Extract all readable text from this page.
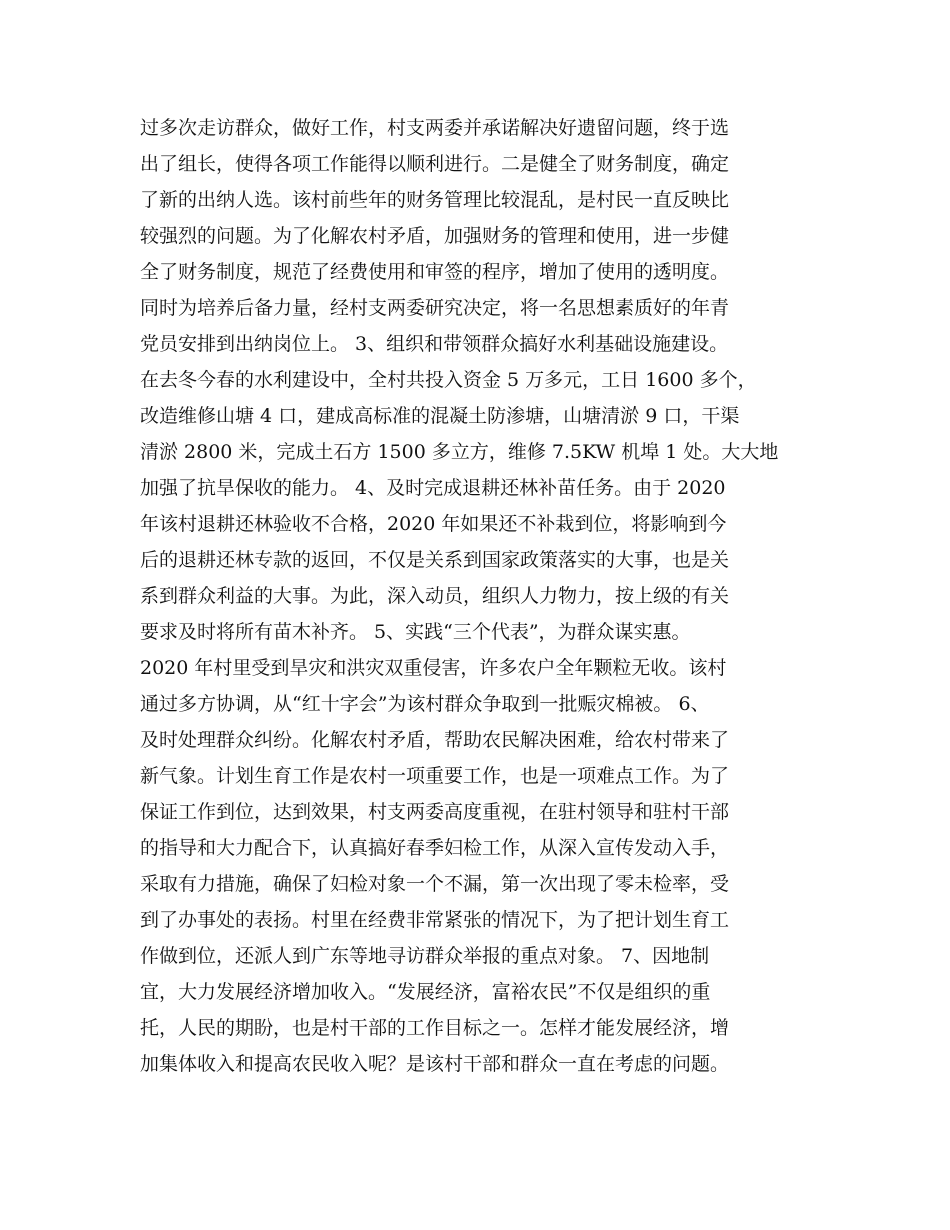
过多次走访群众，做好工作，村支两委并承诺解决好遗留问题，终于选
出了组长，使得各项工作能得以顺利进行。二是健全了财务制度，确定
了新的出纳人选。该村前些年的财务管理比较混乱，是村民一直反映比
较强烈的问题。为了化解农村矛盾，加强财务的管理和使用，进一步健
全了财务制度，规范了经费使用和审签的程序，增加了使用的透明度。
同时为培养后备力量，经村支两委研究决定，将一名思想素质好的年青
党员安排到出纳岗位上。 3、组织和带领群众搞好水利基础设施建设。
在去冬今春的水利建设中，全村共投入资金 5 万多元，工日 1600 多个，
改造维修山塘 4 口，建成高标准的混凝土防渗塘，山塘清淤 9 口，干渠
清淤 2800 米，完成土石方 1500 多立方，维修 7.5KW 机埠 1 处。大大地
加强了抗旱保收的能力。 4、及时完成退耕还林补苗任务。由于 2020
年该村退耕还林验收不合格，2020 年如果还不补栽到位，将影响到今
后的退耕还林专款的返回，不仅是关系到国家政策落实的大事，也是关
系到群众利益的大事。为此，深入动员，组织人力物力，按上级的有关
要求及时将所有苗木补齐。 5、实践“三个代表”，为群众谋实惠。
2020 年村里受到旱灾和洪灾双重侵害，许多农户全年颗粒无收。该村
通过多方协调，从“红十字会”为该村群众争取到一批赈灾棉被。 6、
及时处理群众纠纷。化解农村矛盾，帮助农民解决困难，给农村带来了
新气象。计划生育工作是农村一项重要工作，也是一项难点工作。为了
保证工作到位，达到效果，村支两委高度重视，在驻村领导和驻村干部
的指导和大力配合下，认真搞好春季妇检工作，从深入宣传发动入手，
采取有力措施，确保了妇检对象一个不漏，第一次出现了零未检率，受
到了办事处的表扬。村里在经费非常紧张的情况下，为了把计划生育工
作做到位，还派人到广东等地寻访群众举报的重点对象。 7、因地制
宜，大力发展经济增加收入。“发展经济，富裕农民”不仅是组织的重
托，人民的期盼，也是村干部的工作目标之一。怎样才能发展经济，增
加集体收入和提高农民收入呢？是该村干部和群众一直在考虑的问题。
